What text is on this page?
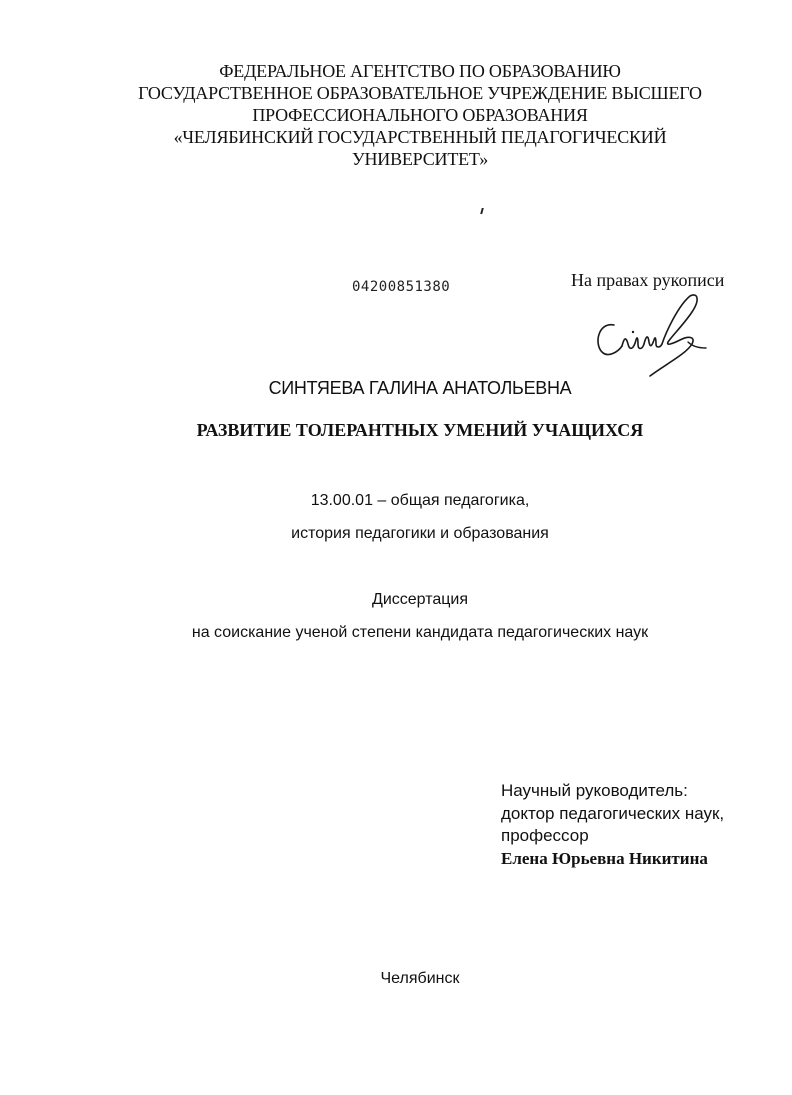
ФЕДЕРАЛЬНОЕ АГЕНТСТВО ПО ОБРАЗОВАНИЮ
ГОСУДАРСТВЕННОЕ ОБРАЗОВАТЕЛЬНОЕ УЧРЕЖДЕНИЕ ВЫСШЕГО
ПРОФЕССИОНАЛЬНОГО ОБРАЗОВАНИЯ
«ЧЕЛЯБИНСКИЙ ГОСУДАРСТВЕННЫЙ ПЕДАГОГИЧЕСКИЙ
УНИВЕРСИТЕТ»
04200851380	На правах рукописи
СИНТЯЕВА ГАЛИНА АНАТОЛЬЕВНА
РАЗВИТИЕ ТОЛЕРАНТНЫХ УМЕНИЙ УЧАЩИХСЯ
13.00.01 – общая педагогика,
история педагогики и образования
Диссертация
на соискание ученой степени кандидата педагогических наук
Научный руководитель:
доктор педагогических наук,
профессор
Елена Юрьевна Никитина
Челябинск
